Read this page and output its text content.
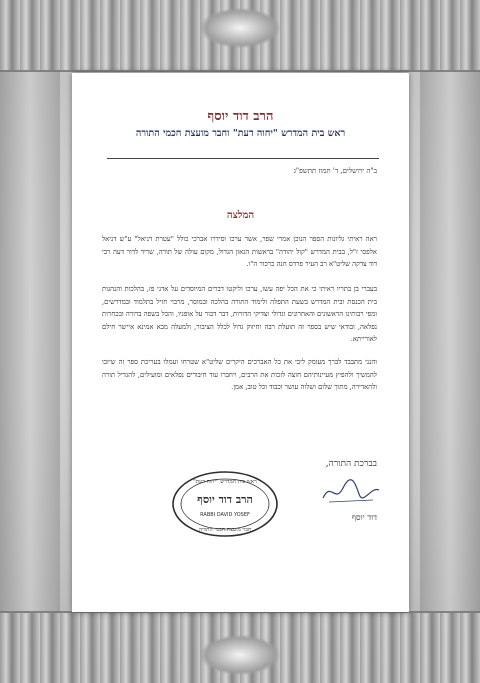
הרב דוד יוסף
ראש בית המדרש "יחוה דעת" וחבר מועצת חכמי התורה
ב"ה ירושלים, ד' תמוז תתשפ"ג
המלצה
ראה ראיתי גליונות הספר הנוכן אמרי שפר, אשר ערכו וסידרו אברכי כולל "עטרת דניאל" ע"ש דניאל אלפסי ז"ל, בבית המדרש "קול יהודה" בראשות הגאון הגדול, מקום עולה של תורה, שריד לדור דעה רבי דוד צדקה שליט"א רב העיר פרדס חנה כרכור ה"ו.
בעברי בן בתריו ראיתי כי את הכל יפה עשו, ערכו וליקטו דברים המיוסדים על אדני פז, בהלכות והנהגות בית הכנסת ובית המדרש בשעת התפלה ולימוד התורה בהלכה ובמוסר, מרבוי חזיל בתלמוד ובמדרשים, ומפי רבותינו הראשונים והאחרונים וגדולי וצדיקי הדורות, דבר דבור על אופניו, והכל בשפה ברורה ובכחרות נפלאה, ובודאי שיש בספר זה תועלת רבה וחיזוק גדול לכלל הציבור, ולמעלה מבא אמינא איישר חילם לאורייתא.
והנני מתבבד לברך מעומק ליבי את כל האברכים היקרים שליט"א שטרחו ועמלו בעריכת ספר זה שיזכו להמשיך ולהפיץ מעיינותיהם חוצה לזכות את הרבים, ויחברו עוד חיבורים נפלאים ומועילים, להגדיל תורה ולהאדירה, מתוך שלום ושלוה עושר וכבוד וכל טוב, אמן.
בברכת התורה,
דוד יוסף
ראש בית המדרש "יחוה דעת"
הרב דוד יוסף
RABBI DAVID YOSEF
חבר מועצת חכמי התורה
